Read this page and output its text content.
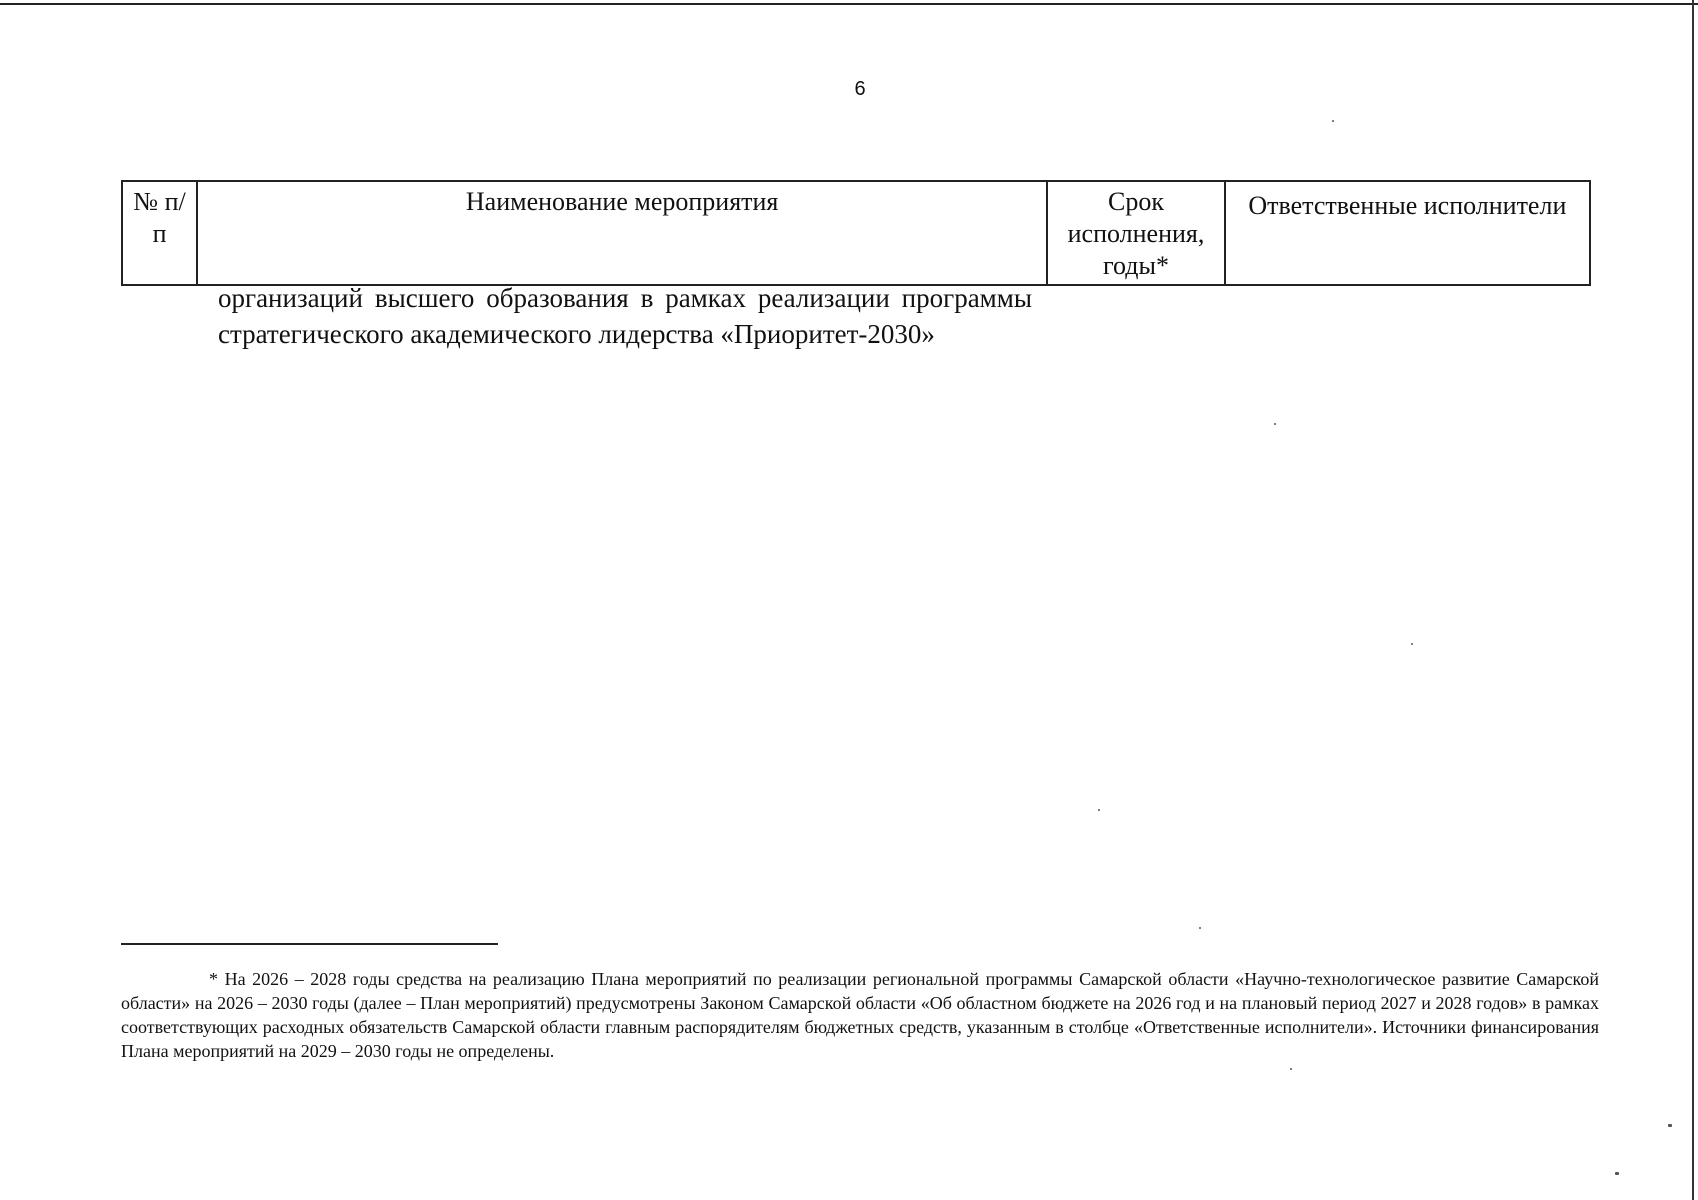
6
№ п/п	Наименование мероприятия	Срок исполнения, годы*	Ответственные исполнители
организаций высшего образования в рамках реализации программы стратегического академического лидерства «Приоритет-2030»
* На 2026 – 2028 годы средства на реализацию Плана мероприятий по реализации региональной программы Самарской области «Научно-технологическое развитие Самарской области» на 2026 – 2030 годы (далее – План мероприятий) предусмотрены Законом Самарской области «Об областном бюджете на 2026 год и на плановый период 2027 и 2028 годов» в рамках соответствующих расходных обязательств Самарской области главным распорядителям бюджетных средств, указанным в столбце «Ответственные исполнители». Источники финансирования Плана мероприятий на 2029 – 2030 годы не определены.
